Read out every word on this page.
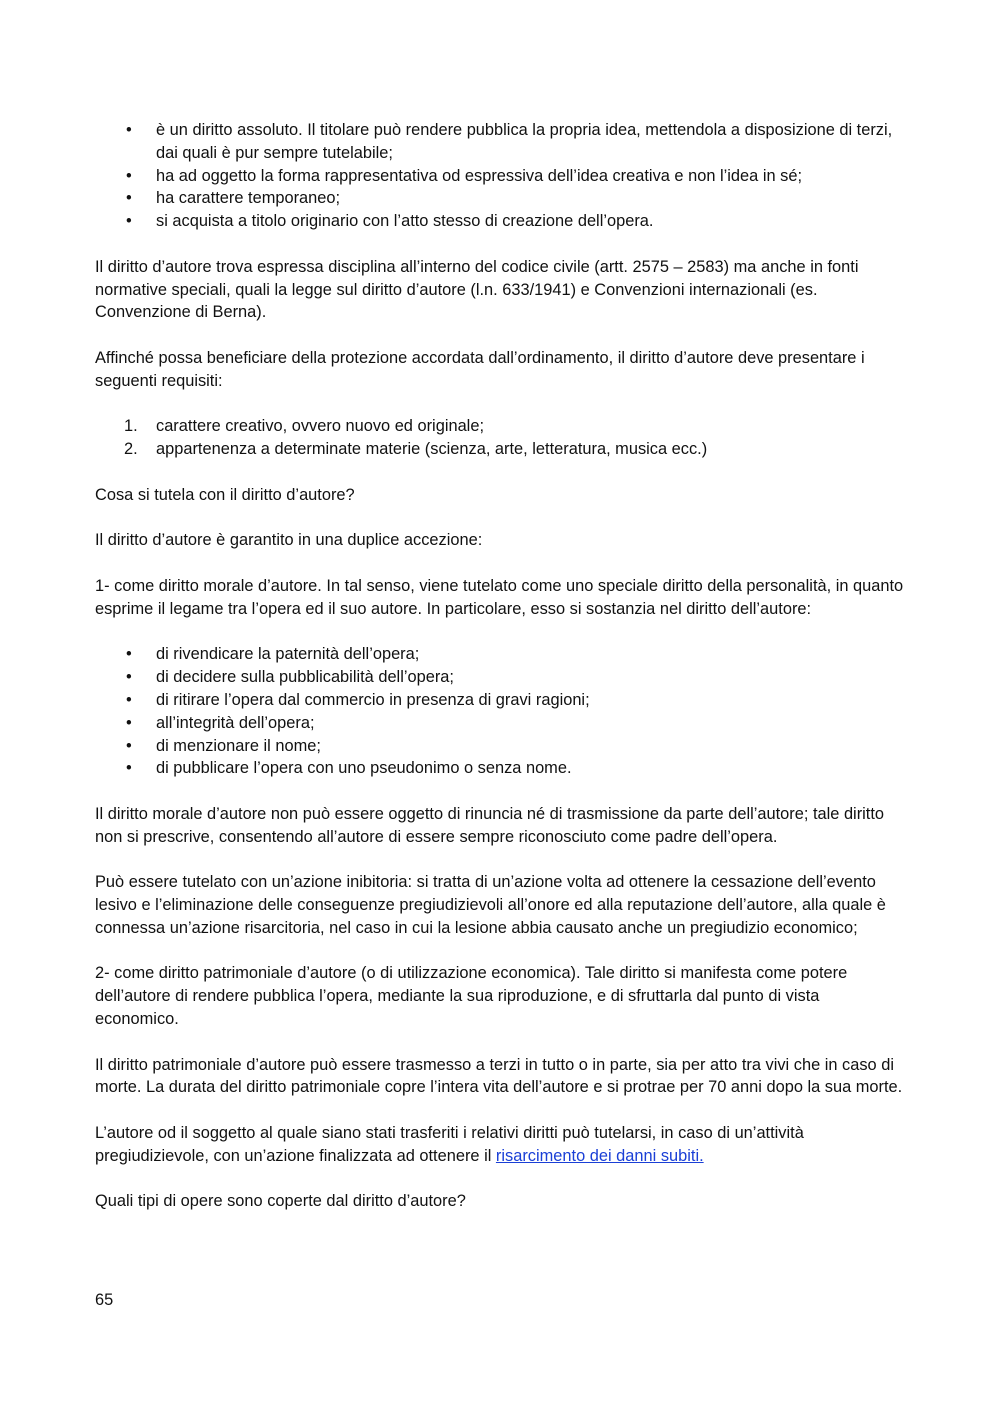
• è un diritto assoluto. Il titolare può rendere pubblica la propria idea, mettendola a disposizione di terzi, dai quali è pur sempre tutelabile;
• ha ad oggetto la forma rappresentativa od espressiva dell’idea creativa e non l’idea in sé;
• ha carattere temporaneo;
• si acquista a titolo originario con l’atto stesso di creazione dell’opera.

Il diritto d’autore trova espressa disciplina all’interno del codice civile (artt. 2575 – 2583) ma anche in fonti normative speciali, quali la legge sul diritto d’autore (l.n. 633/1941) e Convenzioni internazionali (es. Convenzione di Berna).

Affinché possa beneficiare della protezione accordata dall’ordinamento, il diritto d’autore deve presentare i seguenti requisiti:

1. carattere creativo, ovvero nuovo ed originale;
2. appartenenza a determinate materie (scienza, arte, letteratura, musica ecc.)

Cosa si tutela con il diritto d’autore?

Il diritto d’autore è garantito in una duplice accezione:

1- come diritto morale d’autore. In tal senso, viene tutelato come uno speciale diritto della personalità, in quanto esprime il legame tra l’opera ed il suo autore. In particolare, esso si sostanzia nel diritto dell’autore:

• di rivendicare la paternità dell’opera;
• di decidere sulla pubblicabilità dell’opera;
• di ritirare l’opera dal commercio in presenza di gravi ragioni;
• all’integrità dell’opera;
• di menzionare il nome;
• di pubblicare l’opera con uno pseudonimo o senza nome.

Il diritto morale d’autore non può essere oggetto di rinuncia né di trasmissione da parte dell’autore; tale diritto non si prescrive, consentendo all’autore di essere sempre riconosciuto come padre dell’opera.

Può essere tutelato con un’azione inibitoria: si tratta di un’azione volta ad ottenere la cessazione dell’evento lesivo e l’eliminazione delle conseguenze pregiudizievoli all’onore ed alla reputazione dell’autore, alla quale è connessa un’azione risarcitoria, nel caso in cui la lesione abbia causato anche un pregiudizio economico;

2- come diritto patrimoniale d’autore (o di utilizzazione economica). Tale diritto si manifesta come potere dell’autore di rendere pubblica l’opera, mediante la sua riproduzione, e di sfruttarla dal punto di vista economico.

Il diritto patrimoniale d’autore può essere trasmesso a terzi in tutto o in parte, sia per atto tra vivi che in caso di morte. La durata del diritto patrimoniale copre l’intera vita dell’autore e si protrae per 70 anni dopo la sua morte.

L’autore od il soggetto al quale siano stati trasferiti i relativi diritti può tutelarsi, in caso di un’attività pregiudizievole, con un’azione finalizzata ad ottenere il risarcimento dei danni subiti.

Quali tipi di opere sono coperte dal diritto d’autore?

65
